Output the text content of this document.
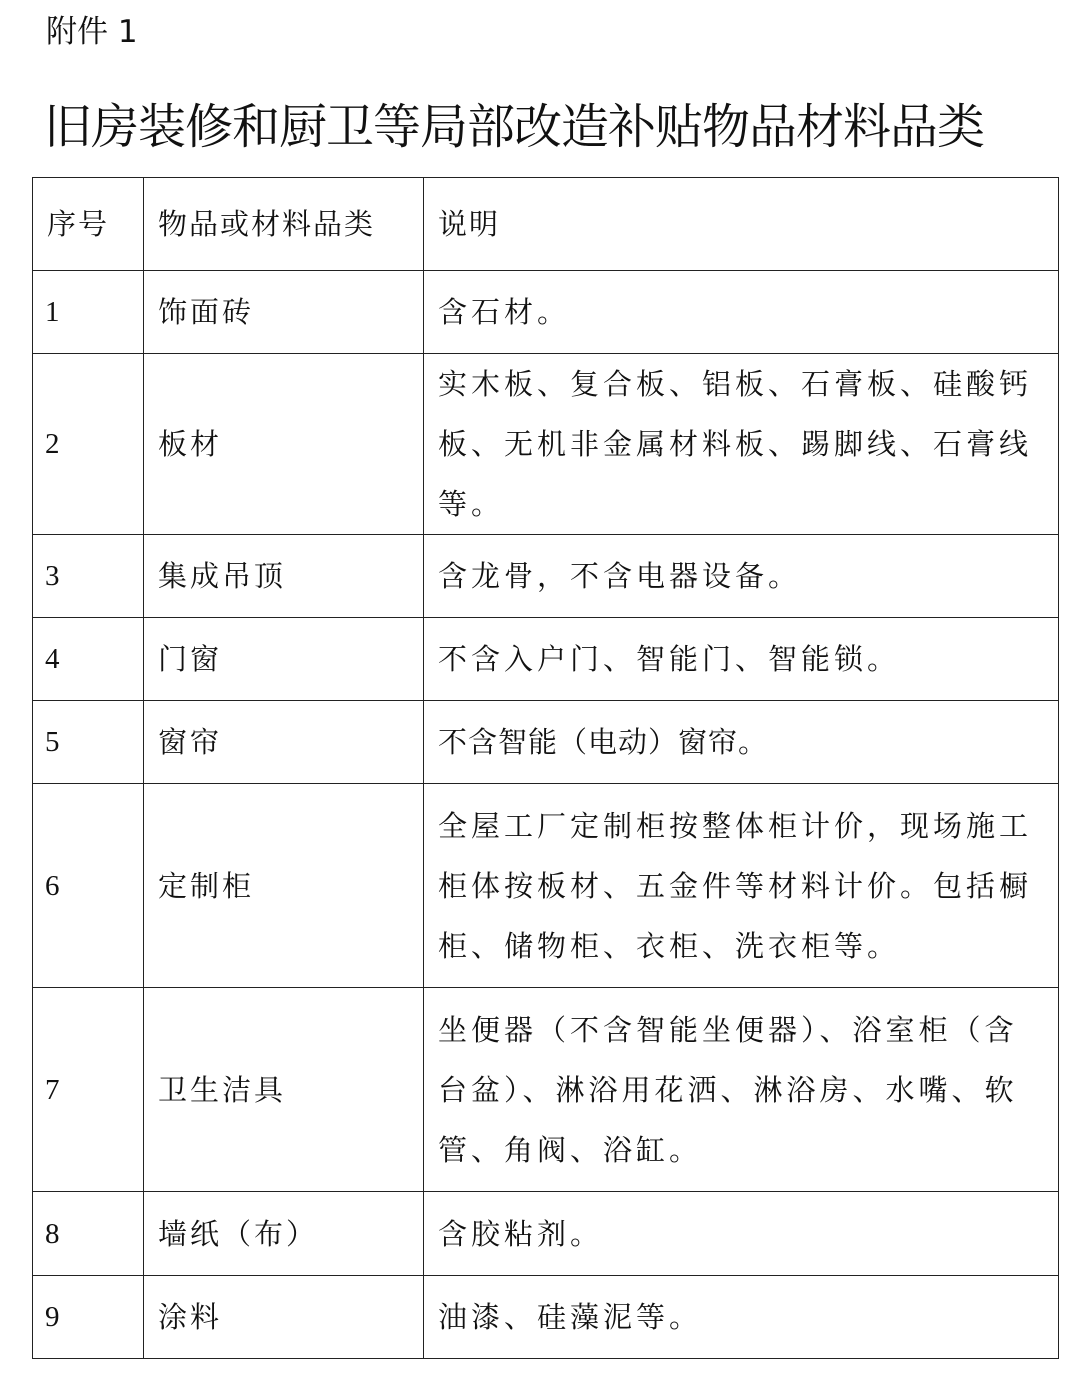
附件 1
旧房装修和厨卫等局部改造补贴物品材料品类
序号	物品或材料品类	说明
1	饰面砖	含石材。
2	板材	实木板、复合板、铝板、石膏板、硅酸钙板、无机非金属材料板、踢脚线、石膏线等。
3	集成吊顶	含龙骨，不含电器设备。
4	门窗	不含入户门、智能门、智能锁。
5	窗帘	不含智能（电动）窗帘。
6	定制柜	全屋工厂定制柜按整体柜计价，现场施工柜体按板材、五金件等材料计价。包括橱柜、储物柜、衣柜、洗衣柜等。
7	卫生洁具	坐便器（不含智能坐便器）、浴室柜（含台盆）、淋浴用花洒、淋浴房、水嘴、软管、角阀、浴缸。
8	墙纸（布）	含胶粘剂。
9	涂料	油漆、硅藻泥等。
